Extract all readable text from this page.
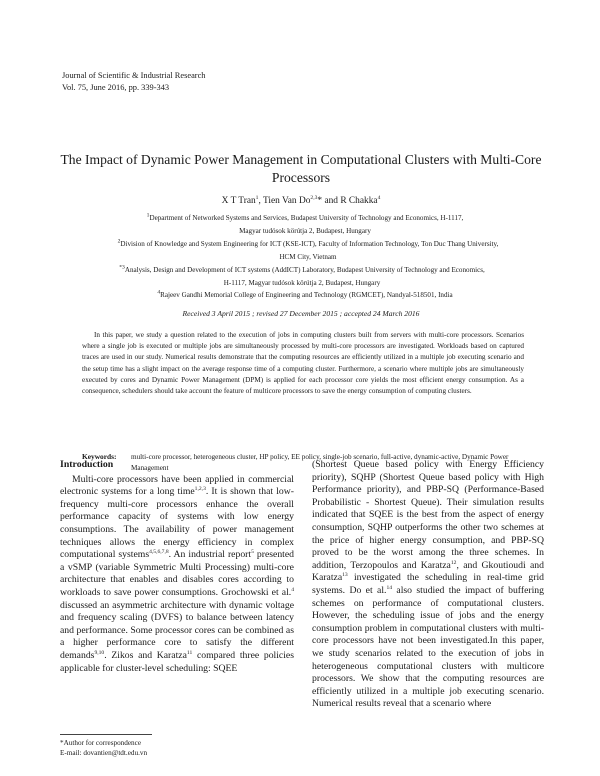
Journal of Scientific & Industrial Research
Vol. 75, June 2016, pp. 339-343
The Impact of Dynamic Power Management in Computational Clusters with Multi-Core Processors
X T Tran$^1$, Tien Van Do$^{2,3}$* and R Chakka$^4$
$^1$Department of Networked Systems and Services, Budapest University of Technology and Economics, H-1117,
Magyar tudósok körútja 2, Budapest, Hungary
$^2$Division of Knowledge and System Engineering for ICT (KSE-ICT), Faculty of Information Technology, Ton Duc Thang University,
HCM City, Vietnam
$^{*3}$Analysis, Design and Development of ICT systems (AddICT) Laboratory, Budapest University of Technology and Economics,
H-1117, Magyar tudósok körútja 2, Budapest, Hungary
$^4$Rajeev Gandhi Memorial College of Engineering and Technology (RGMCET), Nandyal-518501, India
Received 3 April 2015 ; revised 27 December 2015 ; accepted 24 March 2016
In this paper, we study a question related to the execution of jobs in computing clusters built from servers with multi-core processors. Scenarios where a single job is executed or multiple jobs are simultaneously processed by multi-core processors are investigated. Workloads based on captured traces are used in our study. Numerical results demonstrate that the computing resources are efficiently utilized in a multiple job executing scenario and the setup time has a slight impact on the average response time of a computing cluster. Furthermore, a scenario where multiple jobs are simultaneously executed by cores and Dynamic Power Management (DPM) is applied for each processor core yields the most efficient energy consumption. As a consequence, schedulers should take account the feature of multicore processors to save the energy consumption of computing clusters.
Keywords: multi-core processor, heterogeneous cluster, HP policy, EE policy, single-job scenario, full-active, dynamic-active, Dynamic Power Management
Introduction

Multi-core processors have been applied in commercial electronic systems for a long time$^{1,2,3}$. It is shown that low-frequency multi-core processors enhance the overall performance capacity of systems with low energy consumptions. The availability of power management techniques allows the energy efficiency in complex computational systems$^{4,5,6,7,8}$. An industrial report$^5$ presented a vSMP (variable Symmetric Multi Processing) multi-core architecture that enables and disables cores according to workloads to save power consumptions. Grochowski et al.$^4$ discussed an asymmetric architecture with dynamic voltage and frequency scaling (DVFS) to balance between latency and performance. Some processor cores can be combined as a higher performance core to satisfy the different demands$^{9,10}$. Zikos and Karatza$^{11}$ compared three policies applicable for cluster-level scheduling: SQEE

(Shortest Queue based policy with Energy Efficiency priority), SQHP (Shortest Queue based policy with High Performance priority), and PBP-SQ (Performance-Based Probabilistic - Shortest Queue). Their simulation results indicated that SQEE is the best from the aspect of energy consumption, SQHP outperforms the other two schemes at the price of higher energy consumption, and PBP-SQ proved to be the worst among the three schemes. In addition, Terzopoulos and Karatza$^{12}$, and Gkoutioudi and Karatza$^{13}$ investigated the scheduling in real-time grid systems. Do et al.$^{14}$ also studied the impact of buffering schemes on performance of computational clusters. However, the scheduling issue of jobs and the energy consumption problem in computational clusters with multi-core processors have not been investigated.In this paper, we study scenarios related to the execution of jobs in heterogeneous computational clusters with multicore processors. We show that the computing resources are efficiently utilized in a multiple job executing scenario. Numerical results reveal that a scenario where

*Author for correspondence
E-mail: dovantien@tdt.edu.vn
